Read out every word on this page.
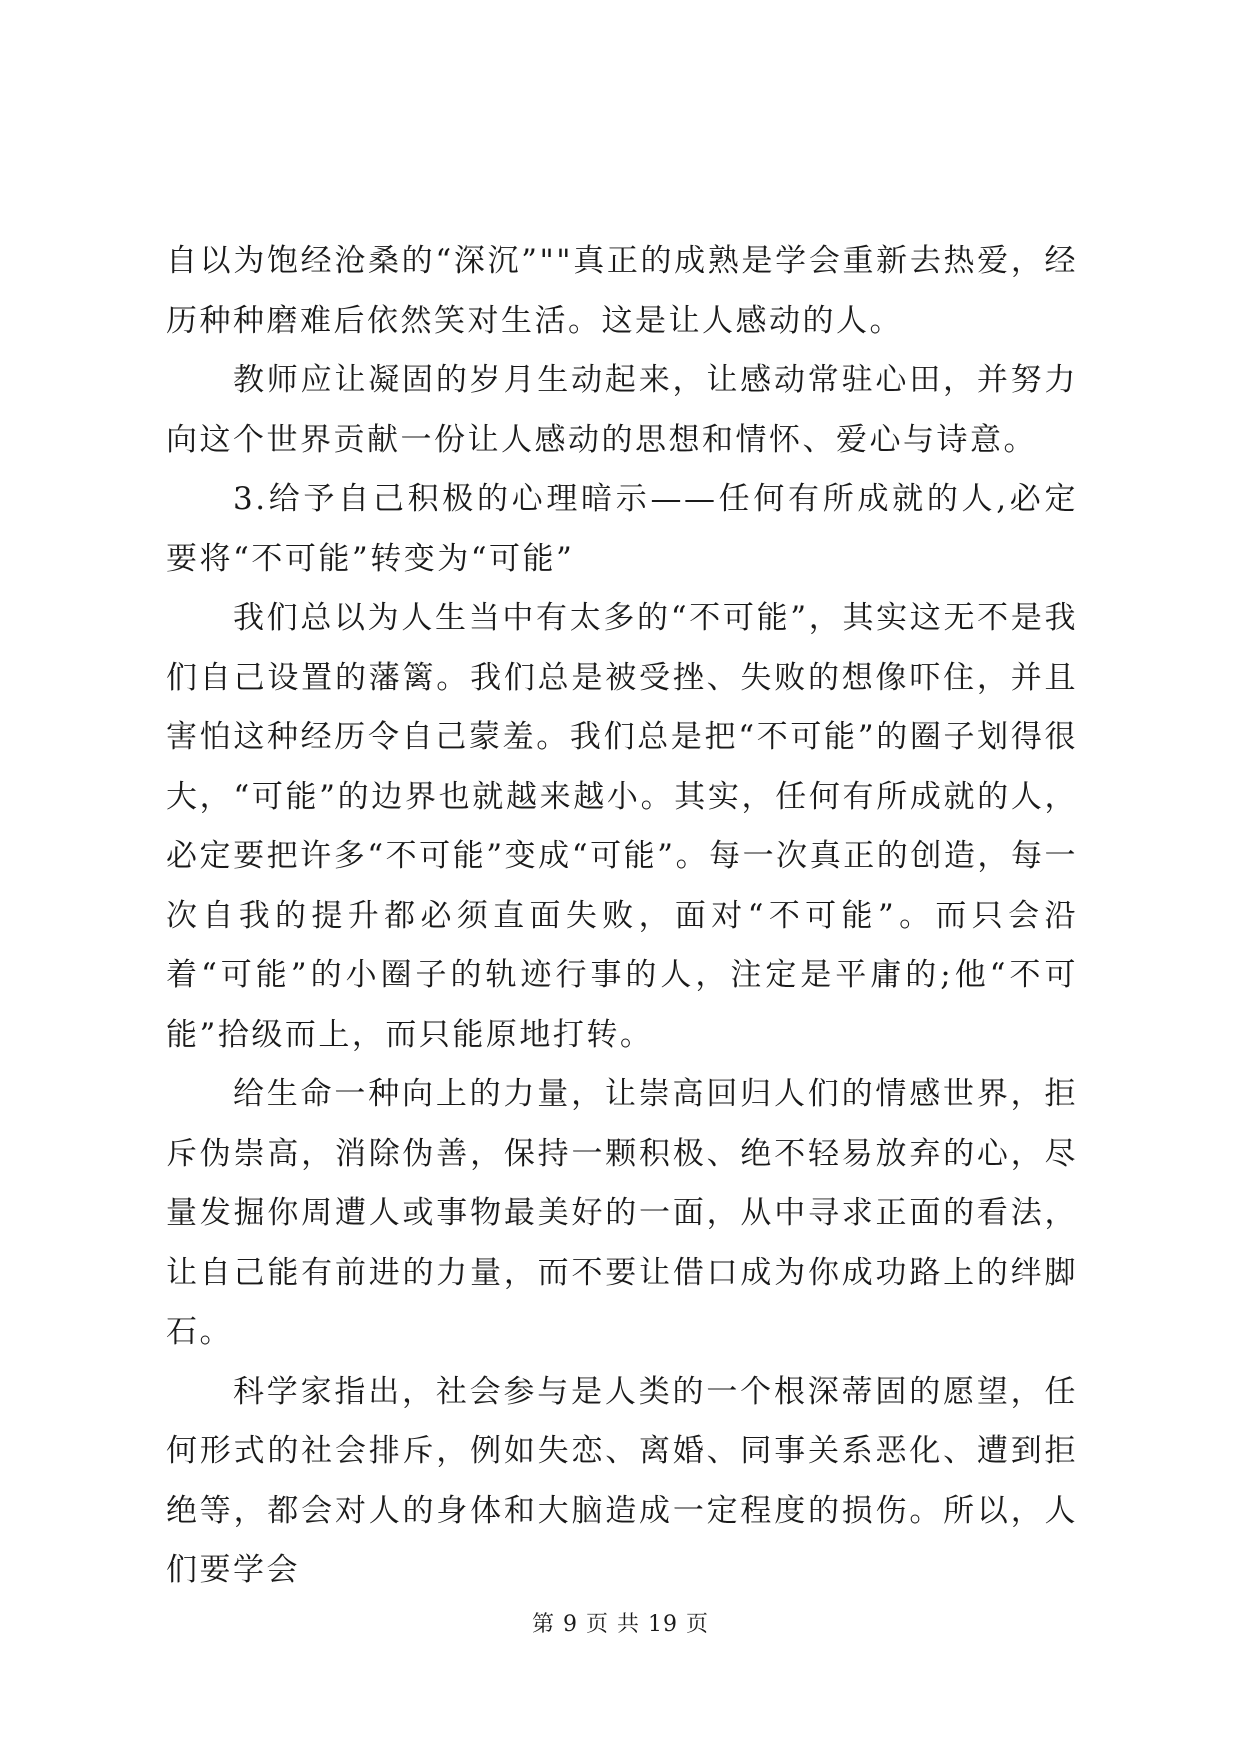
自以为饱经沧桑的“深沉”""真正的成熟是学会重新去热爱，经历种种磨难后依然笑对生活。这是让人感动的人。

教师应让凝固的岁月生动起来，让感动常驻心田，并努力向这个世界贡献一份让人感动的思想和情怀、爱心与诗意。

3.给予自己积极的心理暗示——任何有所成就的人,必定要将“不可能”转变为“可能”

我们总以为人生当中有太多的“不可能”，其实这无不是我们自己设置的藩篱。我们总是被受挫、失败的想像吓住，并且害怕这种经历令自己蒙羞。我们总是把“不可能”的圈子划得很大，“可能”的边界也就越来越小。其实，任何有所成就的人，必定要把许多“不可能”变成“可能”。每一次真正的创造，每一次自我的提升都必须直面失败，面对“不可能”。而只会沿着“可能”的小圈子的轨迹行事的人，注定是平庸的;他“不可能”拾级而上，而只能原地打转。

给生命一种向上的力量，让崇高回归人们的情感世界，拒斥伪崇高，消除伪善，保持一颗积极、绝不轻易放弃的心，尽量发掘你周遭人或事物最美好的一面，从中寻求正面的看法，让自己能有前进的力量，而不要让借口成为你成功路上的绊脚石。

科学家指出，社会参与是人类的一个根深蒂固的愿望，任何形式的社会排斥，例如失恋、离婚、同事关系恶化、遭到拒绝等，都会对人的身体和大脑造成一定程度的损伤。所以，人们要学会

第 9 页 共 19 页
